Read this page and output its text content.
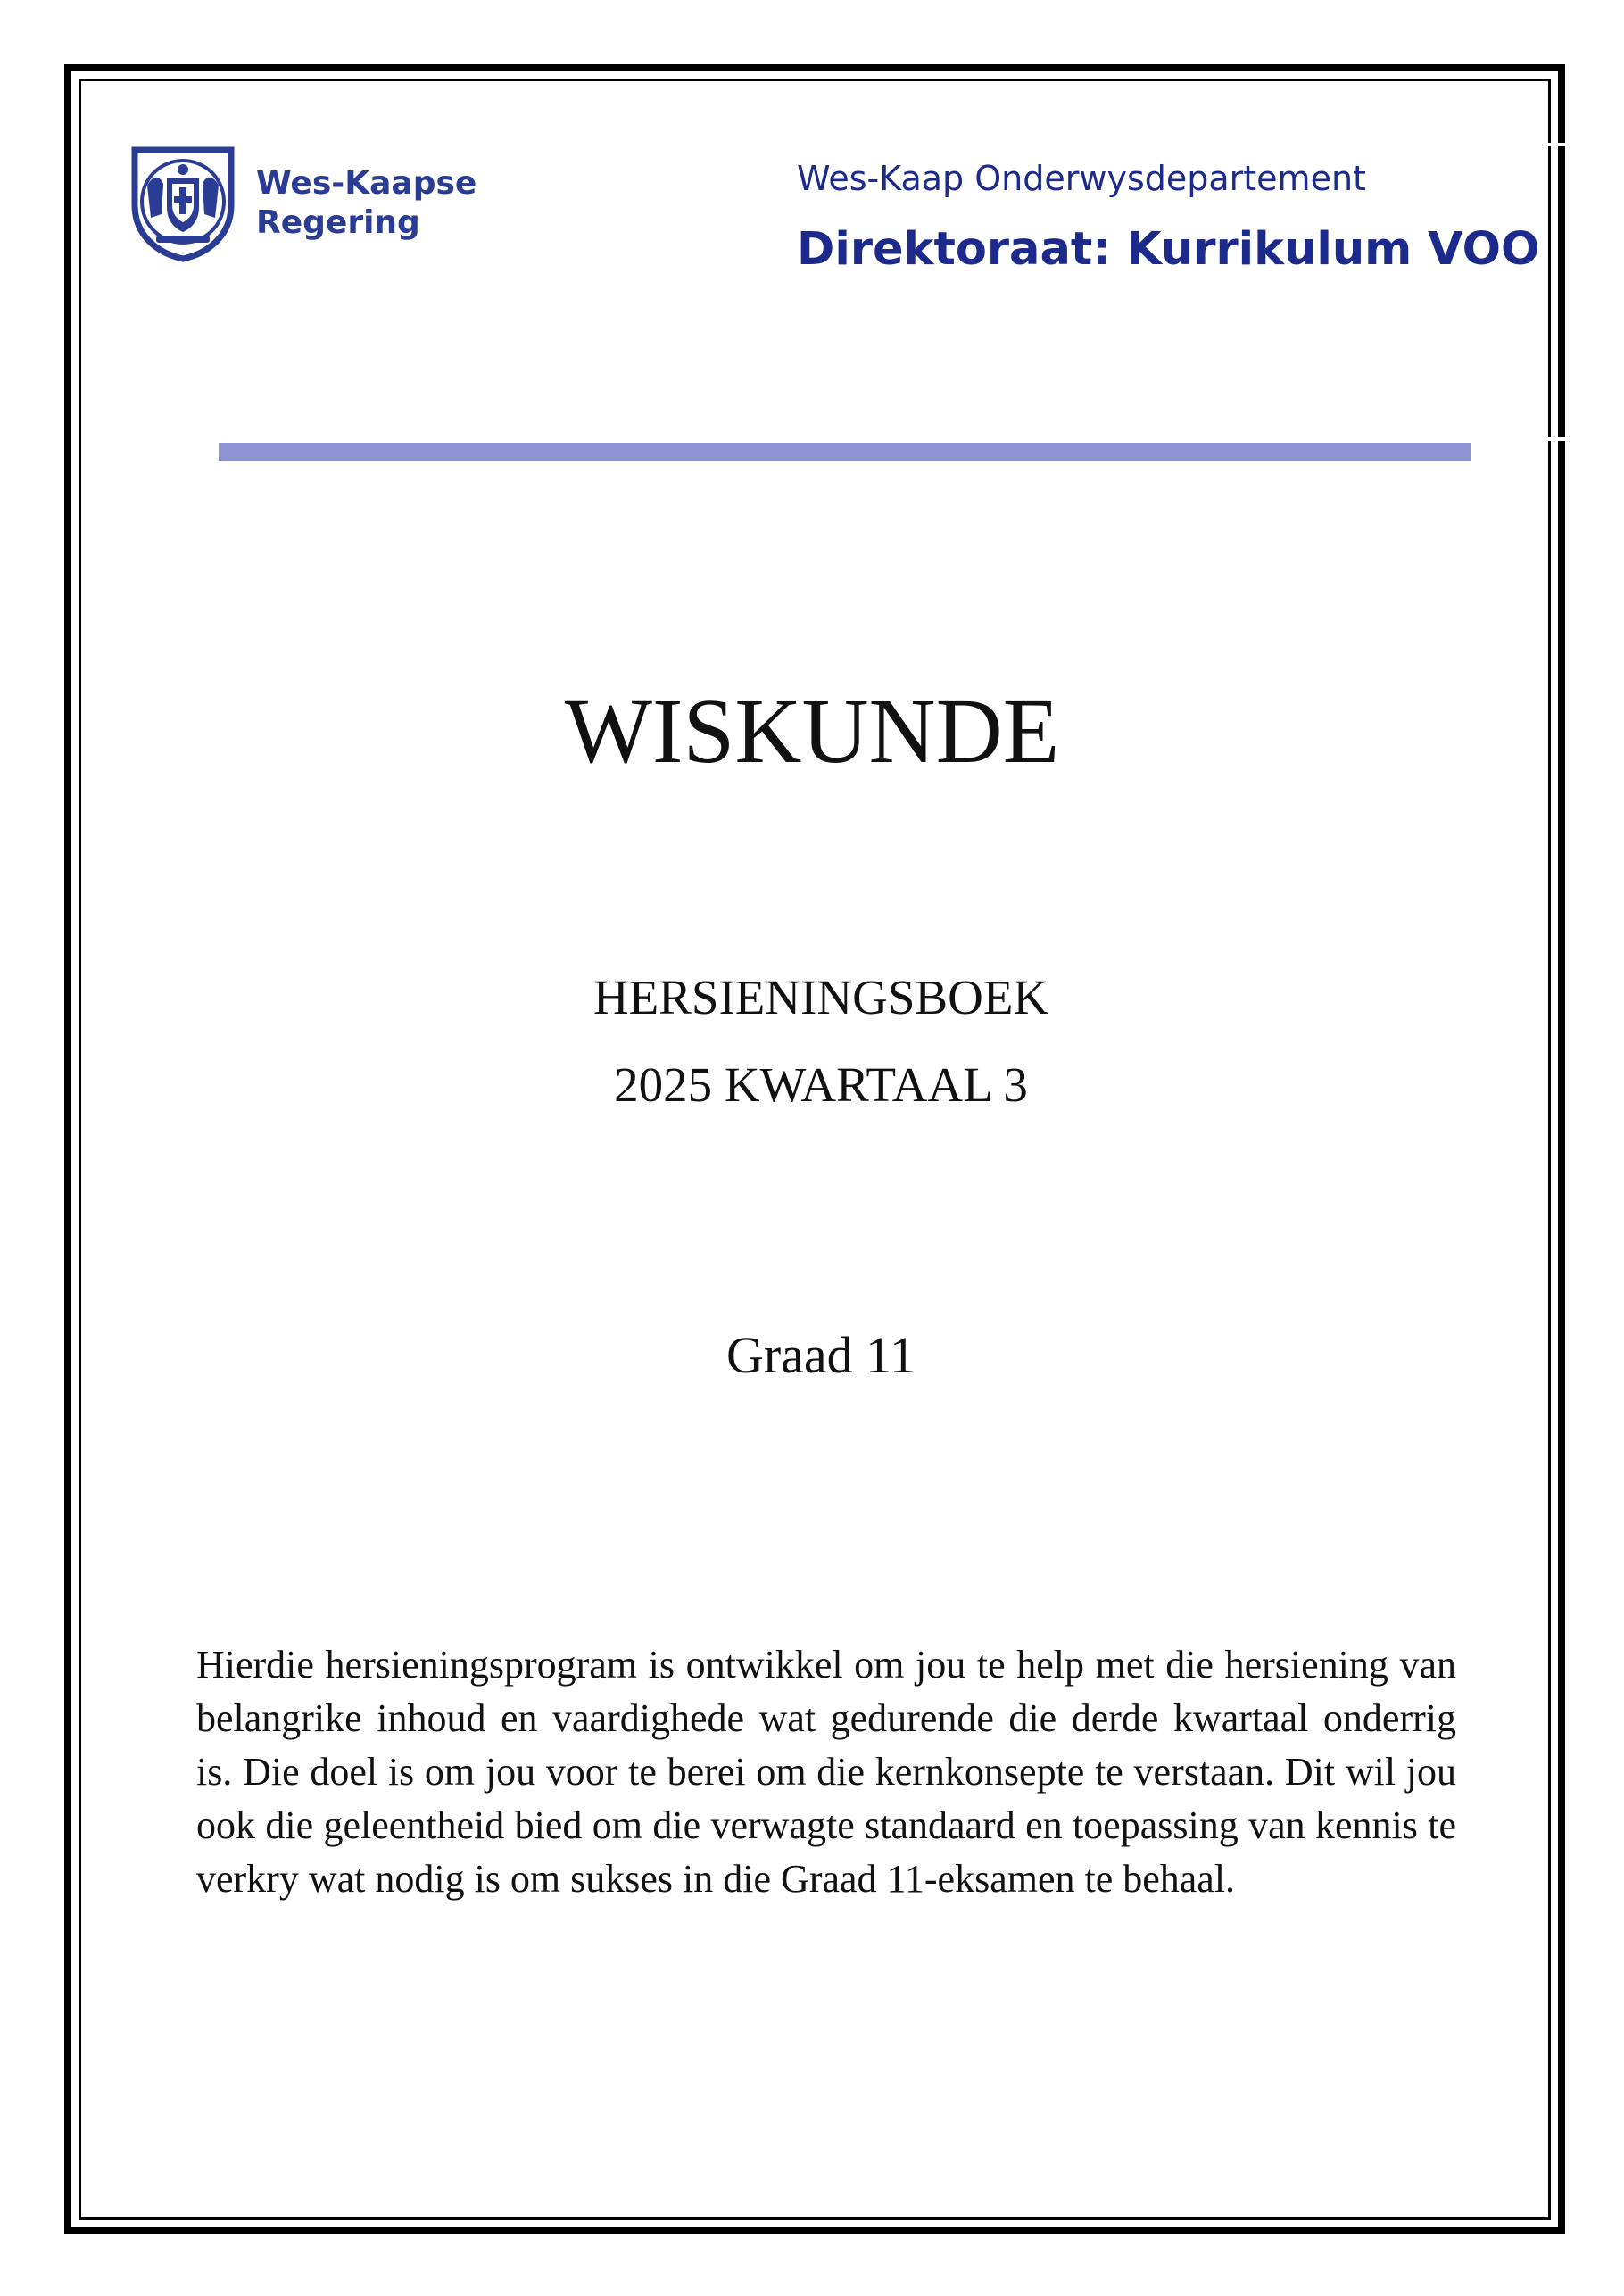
Wes-Kaapse
Regering
Wes-Kaap Onderwysdepartement
Direktoraat: Kurrikulum VOO
WISKUNDE
HERSIENINGSBOEK
2025 KWARTAAL 3
Graad 11
Hierdie hersieningsprogram is ontwikkel om jou te help met die hersiening van belangrike inhoud en vaardighede wat gedurende die derde kwartaal onderrig is. Die doel is om jou voor te berei om die kernkonsepte te verstaan. Dit wil jou ook die geleentheid bied om die verwagte standaard en toepassing van kennis te verkry wat nodig is om sukses in die Graad 11-eksamen te behaal.
